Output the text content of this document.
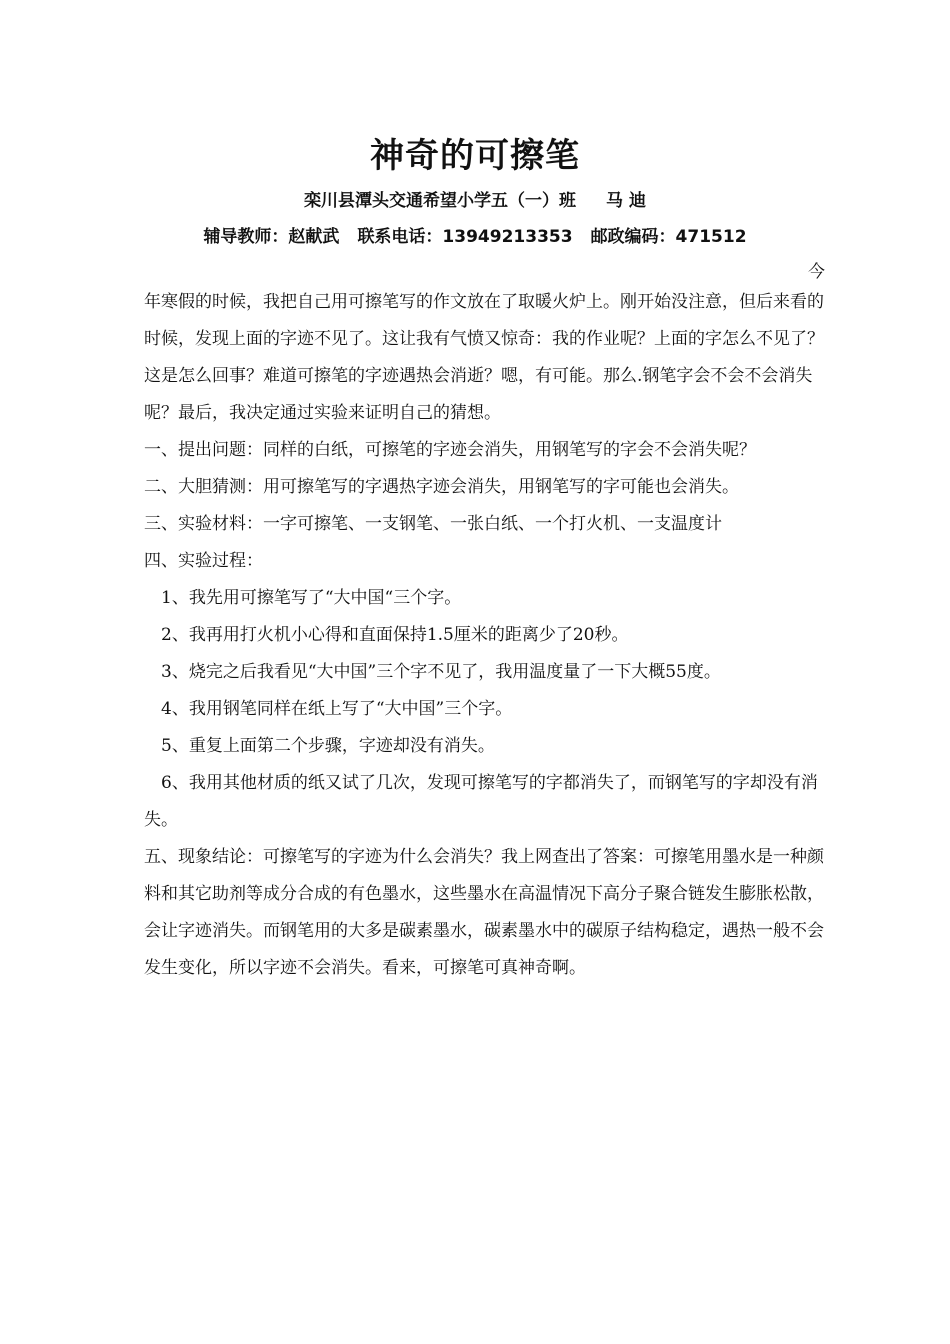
神奇的可擦笔
栾川县潭头交通希望小学五（一）班 马 迪
辅导教师：赵献武 联系电话：13949213353 邮政编码：471512
今

年寒假的时候，我把自己用可擦笔写的作文放在了取暖火炉上。刚开始没注意，但后来看的时候，发现上面的字迹不见了。这让我有气愤又惊奇：我的作业呢？上面的字怎么不见了？这是怎么回事？难道可擦笔的字迹遇热会消逝？嗯，有可能。那么.钢笔字会不会不会消失呢？最后，我决定通过实验来证明自己的猜想。

一、提出问题：同样的白纸，可擦笔的字迹会消失，用钢笔写的字会不会消失呢？

二、大胆猜测：用可擦笔写的字遇热字迹会消失，用钢笔写的字可能也会消失。

三、实验材料：一字可擦笔、一支钢笔、一张白纸、一个打火机、一支温度计

四、实验过程：

1、我先用可擦笔写了“大中国“三个字。

2、我再用打火机小心得和直面保持1.5厘米的距离少了20秒。

3、烧完之后我看见“大中国”三个字不见了，我用温度量了一下大概55度。

4、我用钢笔同样在纸上写了“大中国”三个字。

5、重复上面第二个步骤，字迹却没有消失。

6、我用其他材质的纸又试了几次，发现可擦笔写的字都消失了，而钢笔写的字却没有消失。

五、现象结论：可擦笔写的字迹为什么会消失？我上网查出了答案：可擦笔用墨水是一种颜料和其它助剂等成分合成的有色墨水，这些墨水在高温情况下高分子聚合链发生膨胀松散，会让字迹消失。而钢笔用的大多是碳素墨水，碳素墨水中的碳原子结构稳定，遇热一般不会发生变化，所以字迹不会消失。看来，可擦笔可真神奇啊。
